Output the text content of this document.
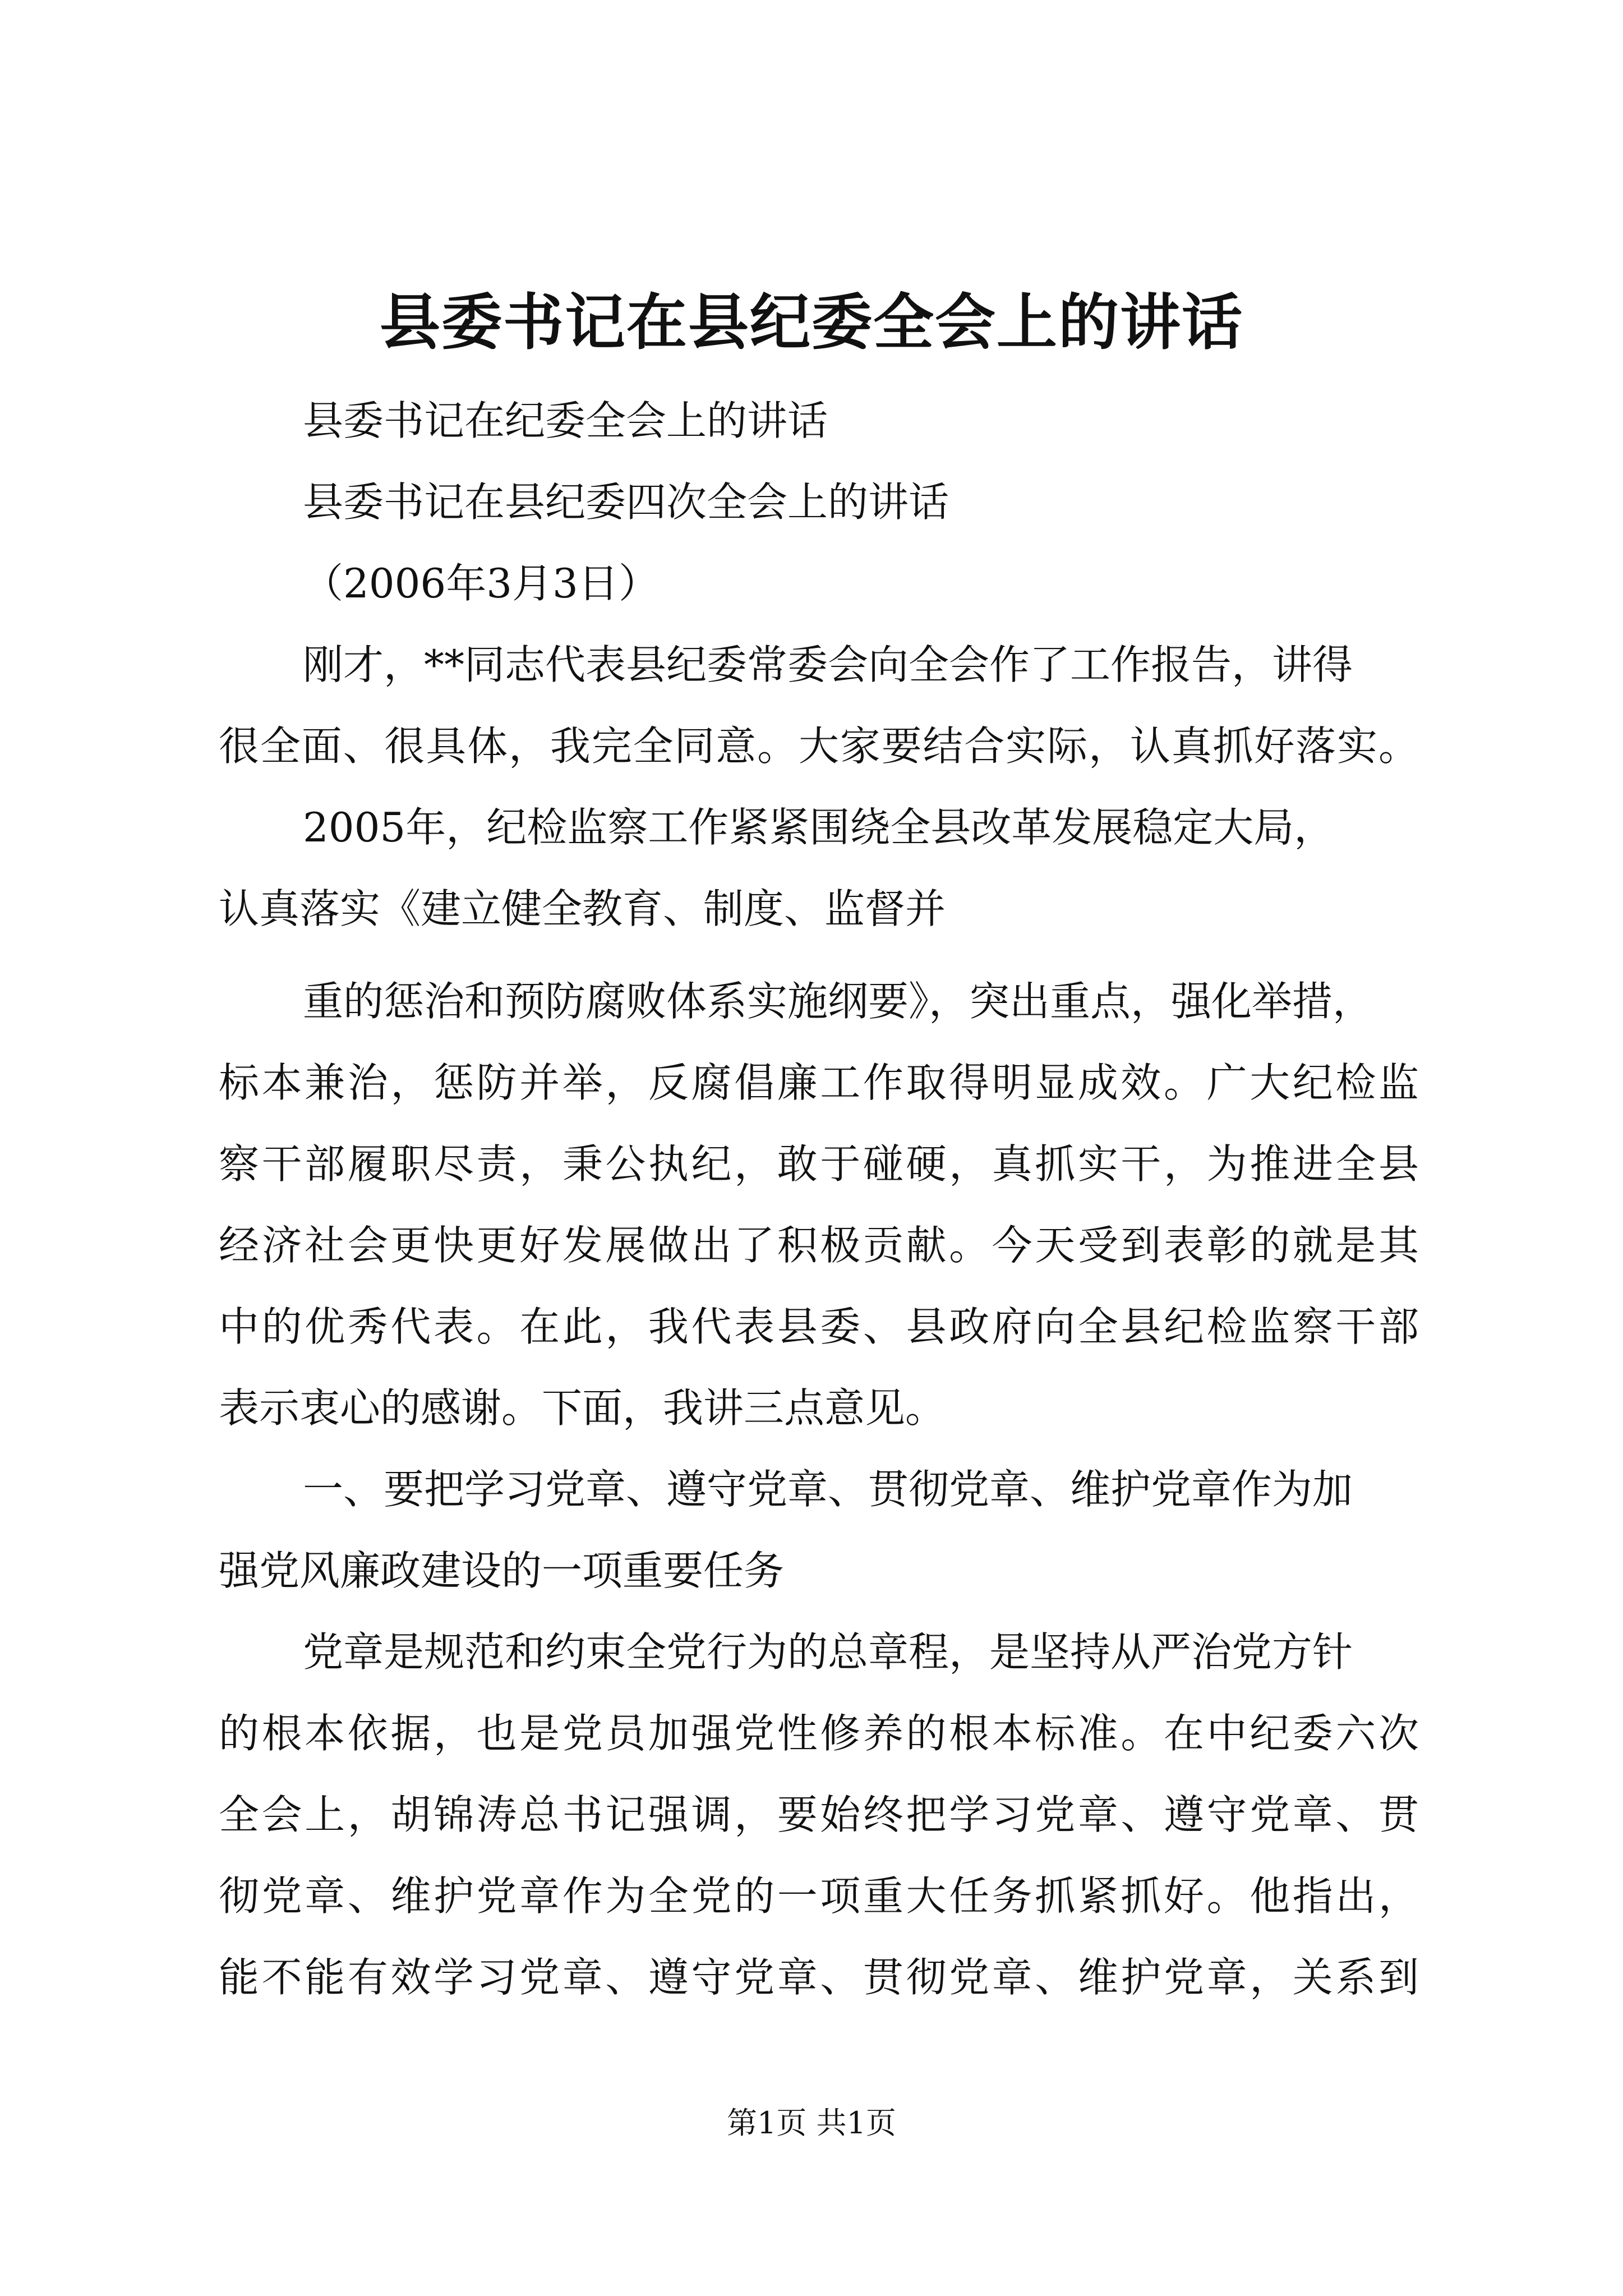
县委书记在县纪委全会上的讲话
县委书记在纪委全会上的讲话
县委书记在县纪委四次全会上的讲话
（2006年3月3日）
刚才，**同志代表县纪委常委会向全会作了工作报告，讲得
很全面、很具体，我完全同意。大家要结合实际，认真抓好落实。
2005年，纪检监察工作紧紧围绕全县改革发展稳定大局，
认真落实《建立健全教育、制度、监督并
重的惩治和预防腐败体系实施纲要》，突出重点，强化举措，
标本兼治，惩防并举，反腐倡廉工作取得明显成效。广大纪检监
察干部履职尽责，秉公执纪，敢于碰硬，真抓实干，为推进全县
经济社会更快更好发展做出了积极贡献。今天受到表彰的就是其
中的优秀代表。在此，我代表县委、县政府向全县纪检监察干部
表示衷心的感谢。下面，我讲三点意见。
一、要把学习党章、遵守党章、贯彻党章、维护党章作为加
强党风廉政建设的一项重要任务
党章是规范和约束全党行为的总章程，是坚持从严治党方针
的根本依据，也是党员加强党性修养的根本标准。在中纪委六次
全会上，胡锦涛总书记强调，要始终把学习党章、遵守党章、贯
彻党章、维护党章作为全党的一项重大任务抓紧抓好。他指出，
能不能有效学习党章、遵守党章、贯彻党章、维护党章，关系到
第1页 共1页
